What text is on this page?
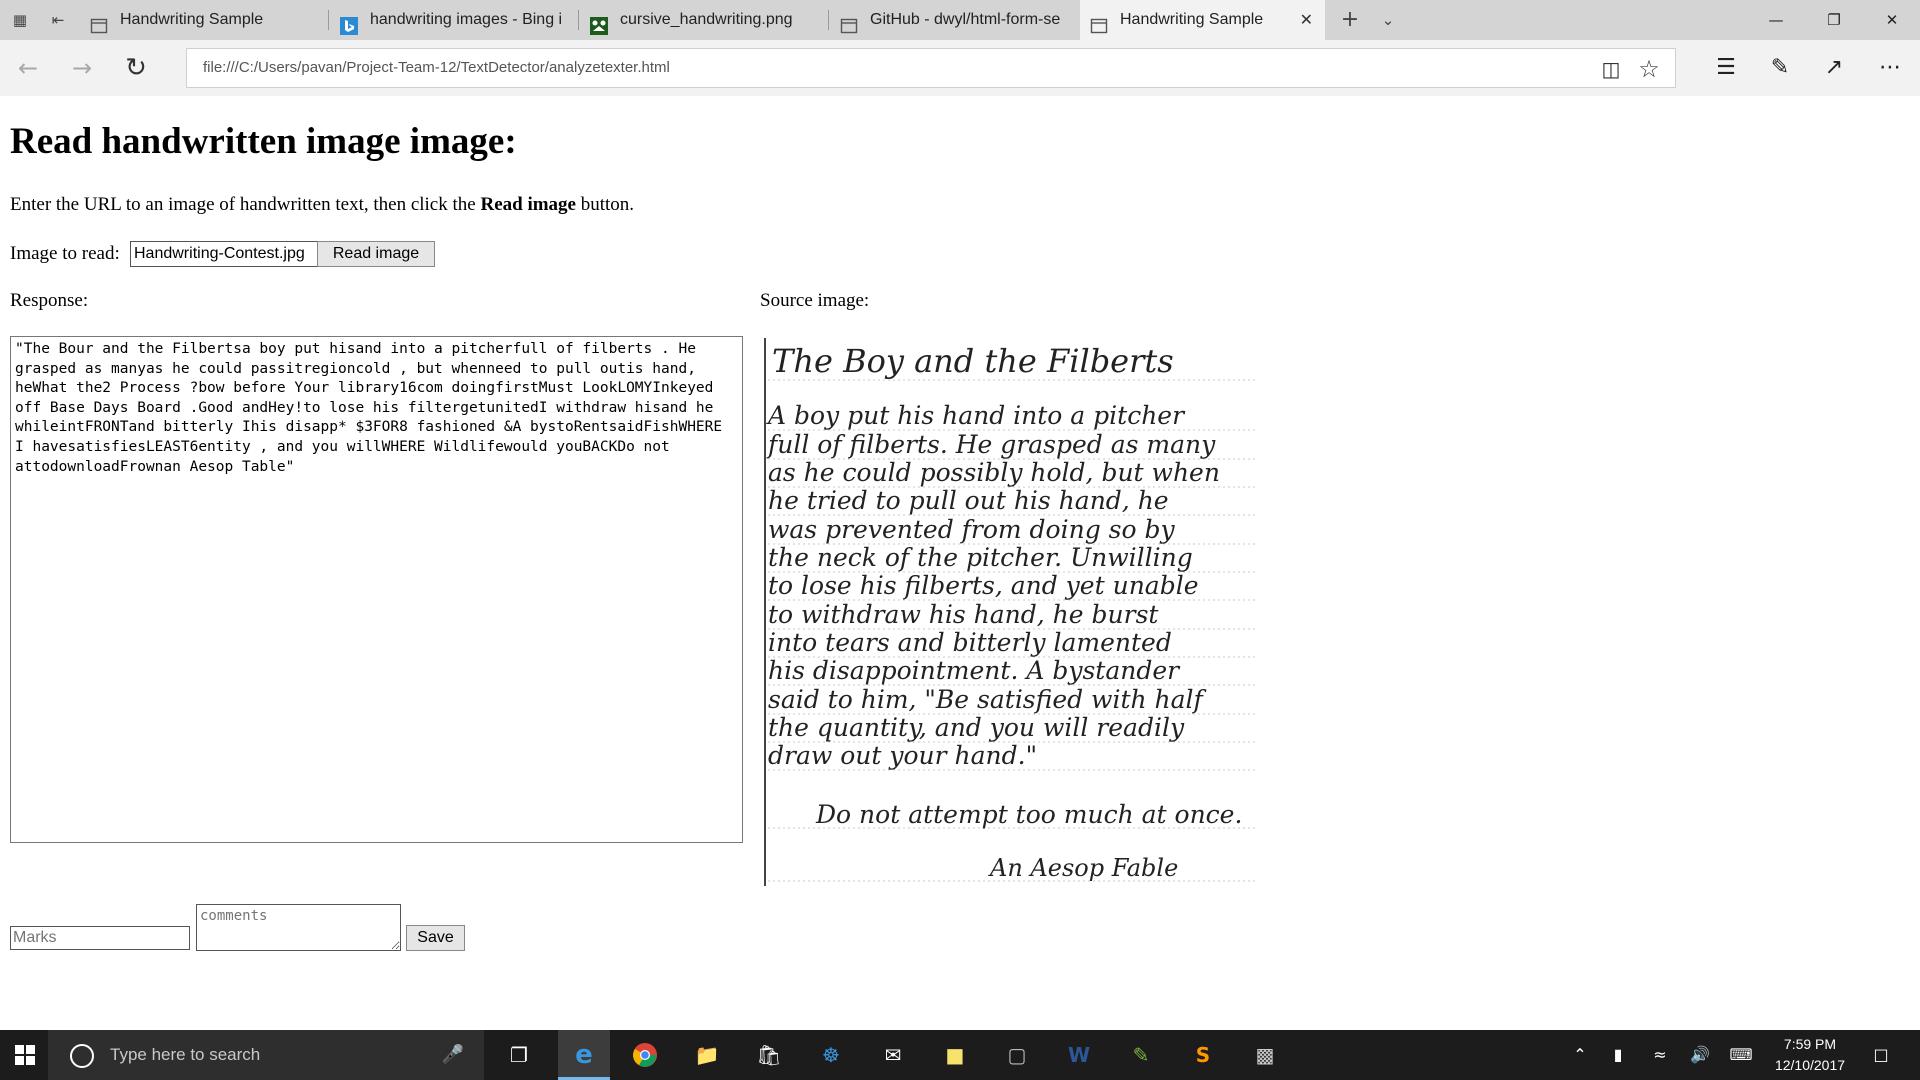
▦ ⇤	Handwriting Sample	handwriting images - Bing i	cursive_handwriting.png	GitHub - dwyl/html-form-se	Handwriting Sample	✕ + ⌄	—	❐	✕
←	→	↻	file:///C:/Users/pavan/Project-Team-12/TextDetector/analyzetexter.html	◫ ☆	☰	✎	↗	⋯
Read handwritten image image:

Enter the URL to an image of handwritten text, then click the Read image button.

Image to read: Handwriting-Contest.jpg	Read image
Response:	Source image:
"The Bour and the Filbertsa boy put hisand into a pitcherfull of filberts . He grasped as manyas he could passitregioncold , but whenneed to pull outis hand, heWhat the2 Process ?bow before Your library16com doingfirstMust LookLOMYInkeyed off Base Days Board .Good andHey!to lose his filtergetunitedI withdraw hisand he whileintFRONTand bitterly Ihis disapp* $3FOR8 fashioned &A bystoRentsaidFishWHERE I havesatisfiesLEAST6entity , and you willWHERE Wildlifewould youBACKDo not attodownloadFrownan Aesop Table"
The Boy and the Filberts
A boy put his hand into a pitcher
full of filberts. He grasped as many
as he could possibly hold, but when
he tried to pull out his hand, he
was prevented from doing so by
the neck of the pitcher. Unwilling
to lose his filberts, and yet unable
to withdraw his hand, he burst
into tears and bitterly lamented
his disappointment. A bystander
said to him, "Be satisfied with half
the quantity, and you will readily
draw out your hand."
Do not attempt too much at once.
An Aesop Fable
Marks
comments
Save
Type here to search	🎤	❐	e	📁 🛍	☸	✉	■	▢	W	✎	S	▩	⌃	▮	≈	🔊 ⌨
7:59 PM
12/10/2017
□
